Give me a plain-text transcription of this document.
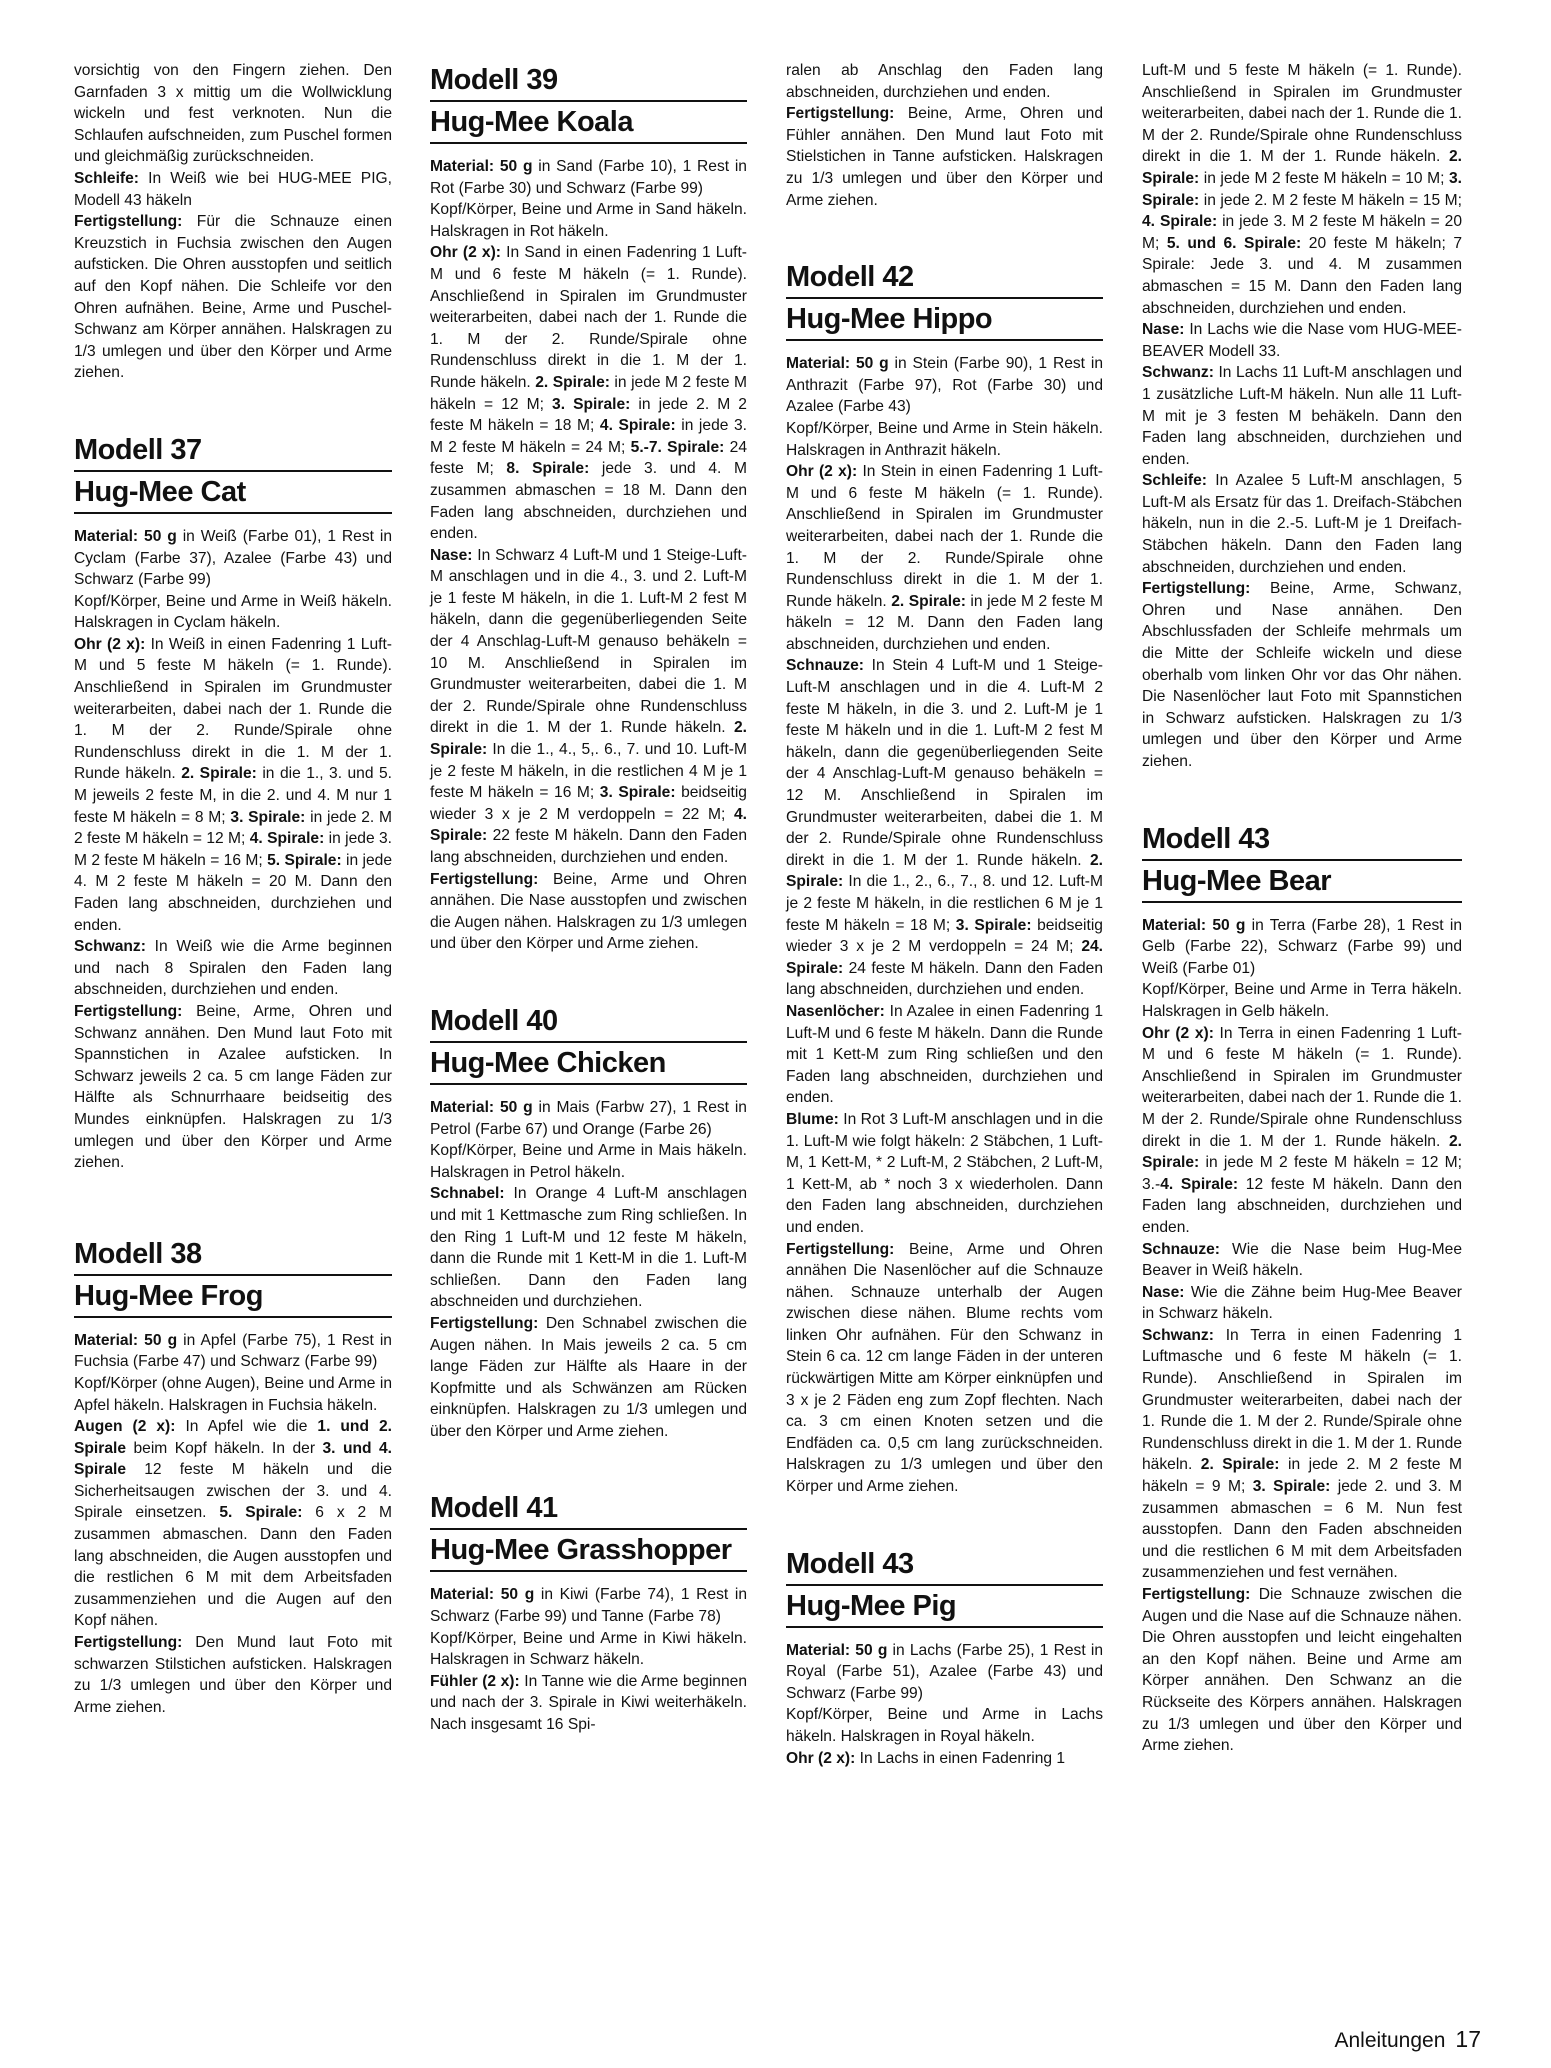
vorsichtig von den Fingern ziehen. Den Garnfaden 3 x mittig um die Wollwicklung wickeln und fest verknoten. Nun die Schlaufen aufschneiden, zum Puschel formen und gleichmäßig zurückschneiden.

Schleife: In Weiß wie bei HUG-MEE PIG, Modell 43 häkeln

Fertigstellung: Für die Schnauze einen Kreuzstich in Fuchsia zwischen den Augen aufsticken. Die Ohren ausstopfen und seitlich auf den Kopf nähen. Die Schleife vor den Ohren aufnähen. Beine, Arme und Puschel-Schwanz am Körper annähen. Halskragen zu 1/3 umlegen und über den Körper und Arme ziehen.

Modell 37
Hug-Mee Cat

Material: 50 g in Weiß (Farbe 01), 1 Rest in Cyclam (Farbe 37), Azalee (Farbe 43) und Schwarz (Farbe 99)

Kopf/Körper, Beine und Arme in Weiß häkeln. Halskragen in Cyclam häkeln.

Ohr (2 x): In Weiß in einen Fadenring 1 Luft-M und 5 feste M häkeln (= 1. Runde). Anschließend in Spiralen im Grundmuster weiterarbeiten, dabei nach der 1. Runde die 1. M der 2. Runde/Spirale ohne Rundenschluss direkt in die 1. M der 1. Runde häkeln. 2. Spirale: in die 1., 3. und 5. M jeweils 2 feste M, in die 2. und 4. M nur 1 feste M häkeln = 8 M; 3. Spirale: in jede 2. M 2 feste M häkeln = 12 M; 4. Spirale: in jede 3. M 2 feste M häkeln = 16 M; 5. Spirale: in jede 4. M 2 feste M häkeln = 20 M. Dann den Faden lang abschneiden, durchziehen und enden.

Schwanz: In Weiß wie die Arme beginnen und nach 8 Spiralen den Faden lang abschneiden, durchziehen und enden.

Fertigstellung: Beine, Arme, Ohren und Schwanz annähen. Den Mund laut Foto mit Spannstichen in Azalee aufsticken. In Schwarz jeweils 2 ca. 5 cm lange Fäden zur Hälfte als Schnurrhaare beidseitig des Mundes einknüpfen. Halskragen zu 1/3 umlegen und über den Körper und Arme ziehen.

Modell 38
Hug-Mee Frog

Material: 50 g in Apfel (Farbe 75), 1 Rest in Fuchsia (Farbe 47) und Schwarz (Farbe 99)

Kopf/Körper (ohne Augen), Beine und Arme in Apfel häkeln. Halskragen in Fuchsia häkeln.

Augen (2 x): In Apfel wie die 1. und 2. Spirale beim Kopf häkeln. In der 3. und 4. Spirale 12 feste M häkeln und die Sicherheitsaugen zwischen der 3. und 4. Spirale einsetzen. 5. Spirale: 6 x 2 M zusammen abmaschen. Dann den Faden lang abschneiden, die Augen ausstopfen und die restlichen 6 M mit dem Arbeitsfaden zusammenziehen und die Augen auf den Kopf nähen.

Fertigstellung: Den Mund laut Foto mit schwarzen Stilstichen aufsticken. Halskragen zu 1/3 umlegen und über den Körper und Arme ziehen.

Modell 39
Hug-Mee Koala

Material: 50 g in Sand (Farbe 10), 1 Rest in Rot (Farbe 30) und Schwarz (Farbe 99)

Kopf/Körper, Beine und Arme in Sand häkeln. Halskragen in Rot häkeln.

Ohr (2 x): In Sand in einen Fadenring 1 Luft-M und 6 feste M häkeln (= 1. Runde). Anschließend in Spiralen im Grundmuster weiterarbeiten, dabei nach der 1. Runde die 1. M der 2. Runde/Spirale ohne Rundenschluss direkt in die 1. M der 1. Runde häkeln. 2. Spirale: in jede M 2 feste M häkeln = 12 M; 3. Spirale: in jede 2. M 2 feste M häkeln = 18 M; 4. Spirale: in jede 3. M 2 feste M häkeln = 24 M; 5.-7. Spirale: 24 feste M; 8. Spirale: jede 3. und 4. M zusammen abmaschen = 18 M. Dann den Faden lang abschneiden, durchziehen und enden.

Nase: In Schwarz 4 Luft-M und 1 Steige-Luft-M anschlagen und in die 4., 3. und 2. Luft-M je 1 feste M häkeln, in die 1. Luft-M 2 fest M häkeln, dann die gegenüberliegenden Seite der 4 Anschlag-Luft-M genauso behäkeln = 10 M. Anschließend in Spiralen im Grundmuster weiterarbeiten, dabei die 1. M der 2. Runde/Spirale ohne Rundenschluss direkt in die 1. M der 1. Runde häkeln. 2. Spirale: In die 1., 4., 5,. 6., 7. und 10. Luft-M je 2 feste M häkeln, in die restlichen 4 M je 1 feste M häkeln = 16 M; 3. Spirale: beidseitig wieder 3 x je 2 M verdoppeln = 22 M; 4. Spirale: 22 feste M häkeln. Dann den Faden lang abschneiden, durchziehen und enden.

Fertigstellung: Beine, Arme und Ohren annähen. Die Nase ausstopfen und zwischen die Augen nähen. Halskragen zu 1/3 umlegen und über den Körper und Arme ziehen.

Modell 40
Hug-Mee Chicken

Material: 50 g in Mais (Farbw 27), 1 Rest in Petrol (Farbe 67) und Orange (Farbe 26)

Kopf/Körper, Beine und Arme in Mais häkeln. Halskragen in Petrol häkeln.

Schnabel: In Orange 4 Luft-M anschlagen und mit 1 Kettmasche zum Ring schließen. In den Ring 1 Luft-M und 12 feste M häkeln, dann die Runde mit 1 Kett-M in die 1. Luft-M schließen. Dann den Faden lang abschneiden und durchziehen.

Fertigstellung: Den Schnabel zwischen die Augen nähen. In Mais jeweils 2 ca. 5 cm lange Fäden zur Hälfte als Haare in der Kopfmitte und als Schwänzen am Rücken einknüpfen. Halskragen zu 1/3 umlegen und über den Körper und Arme ziehen.

Modell 41
Hug-Mee Grasshopper

Material: 50 g in Kiwi (Farbe 74), 1 Rest in Schwarz (Farbe 99) und Tanne (Farbe 78)

Kopf/Körper, Beine und Arme in Kiwi häkeln. Halskragen in Schwarz häkeln.

Fühler (2 x): In Tanne wie die Arme beginnen und nach der 3. Spirale in Kiwi weiterhäkeln. Nach insgesamt 16 Spi-

ralen ab Anschlag den Faden lang abschneiden, durchziehen und enden.

Fertigstellung: Beine, Arme, Ohren und Fühler annähen. Den Mund laut Foto mit Stielstichen in Tanne aufsticken. Halskragen zu 1/3 umlegen und über den Körper und Arme ziehen.

Modell 42
Hug-Mee Hippo

Material: 50 g in Stein (Farbe 90), 1 Rest in Anthrazit (Farbe 97), Rot (Farbe 30) und Azalee (Farbe 43)

Kopf/Körper, Beine und Arme in Stein häkeln. Halskragen in Anthrazit häkeln.

Ohr (2 x): In Stein in einen Fadenring 1 Luft-M und 6 feste M häkeln (= 1. Runde). Anschließend in Spiralen im Grundmuster weiterarbeiten, dabei nach der 1. Runde die 1. M der 2. Runde/Spirale ohne Rundenschluss direkt in die 1. M der 1. Runde häkeln. 2. Spirale: in jede M 2 feste M häkeln = 12 M. Dann den Faden lang abschneiden, durchziehen und enden.

Schnauze: In Stein 4 Luft-M und 1 Steige-Luft-M anschlagen und in die 4. Luft-M 2 feste M häkeln, in die 3. und 2. Luft-M je 1 feste M häkeln und in die 1. Luft-M 2 fest M häkeln, dann die gegenüberliegenden Seite der 4 Anschlag-Luft-M genauso behäkeln = 12 M. Anschließend in Spiralen im Grundmuster weiterarbeiten, dabei die 1. M der 2. Runde/Spirale ohne Rundenschluss direkt in die 1. M der 1. Runde häkeln. 2. Spirale: In die 1., 2., 6., 7., 8. und 12. Luft-M je 2 feste M häkeln, in die restlichen 6 M je 1 feste M häkeln = 18 M; 3. Spirale: beidseitig wieder 3 x je 2 M verdoppeln = 24 M; 24. Spirale: 24 feste M häkeln. Dann den Faden lang abschneiden, durchziehen und enden.

Nasenlöcher: In Azalee in einen Fadenring 1 Luft-M und 6 feste M häkeln. Dann die Runde mit 1 Kett-M zum Ring schließen und den Faden lang abschneiden, durchziehen und enden.

Blume: In Rot 3 Luft-M anschlagen und in die 1. Luft-M wie folgt häkeln: 2 Stäbchen, 1 Luft-M, 1 Kett-M, * 2 Luft-M, 2 Stäbchen, 2 Luft-M, 1 Kett-M, ab * noch 3 x wiederholen. Dann den Faden lang abschneiden, durchziehen und enden.

Fertigstellung: Beine, Arme und Ohren annähen Die Nasenlöcher auf die Schnauze nähen. Schnauze unterhalb der Augen zwischen diese nähen. Blume rechts vom linken Ohr aufnähen. Für den Schwanz in Stein 6 ca. 12 cm lange Fäden in der unteren rückwärtigen Mitte am Körper einknüpfen und 3 x je 2 Fäden eng zum Zopf flechten. Nach ca. 3 cm einen Knoten setzen und die Endfäden ca. 0,5 cm lang zurückschneiden. Halskragen zu 1/3 umlegen und über den Körper und Arme ziehen.

Modell 43
Hug-Mee Pig

Material: 50 g in Lachs (Farbe 25), 1 Rest in Royal (Farbe 51), Azalee (Farbe 43) und Schwarz (Farbe 99)

Kopf/Körper, Beine und Arme in Lachs häkeln. Halskragen in Royal häkeln.

Ohr (2 x): In Lachs in einen Fadenring 1

Luft-M und 5 feste M häkeln (= 1. Runde). Anschließend in Spiralen im Grundmuster weiterarbeiten, dabei nach der 1. Runde die 1. M der 2. Runde/Spirale ohne Rundenschluss direkt in die 1. M der 1. Runde häkeln. 2. Spirale: in jede M 2 feste M häkeln = 10 M; 3. Spirale: in jede 2. M 2 feste M häkeln = 15 M; 4. Spirale: in jede 3. M 2 feste M häkeln = 20 M; 5. und 6. Spirale: 20 feste M häkeln; 7 Spirale: Jede 3. und 4. M zusammen abmaschen = 15 M. Dann den Faden lang abschneiden, durchziehen und enden.

Nase: In Lachs wie die Nase vom HUG-MEE-BEAVER Modell 33.

Schwanz: In Lachs 11 Luft-M anschlagen und 1 zusätzliche Luft-M häkeln. Nun alle 11 Luft-M mit je 3 festen M behäkeln. Dann den Faden lang abschneiden, durchziehen und enden.

Schleife: In Azalee 5 Luft-M anschlagen, 5 Luft-M als Ersatz für das 1. Dreifach-Stäbchen häkeln, nun in die 2.-5. Luft-M je 1 Dreifach-Stäbchen häkeln. Dann den Faden lang abschneiden, durchziehen und enden.

Fertigstellung: Beine, Arme, Schwanz, Ohren und Nase annähen. Den Abschlussfaden der Schleife mehrmals um die Mitte der Schleife wickeln und diese oberhalb vom linken Ohr vor das Ohr nähen. Die Nasenlöcher laut Foto mit Spannstichen in Schwarz aufsticken. Halskragen zu 1/3 umlegen und über den Körper und Arme ziehen.

Modell 43
Hug-Mee Bear

Material: 50 g in Terra (Farbe 28), 1 Rest in Gelb (Farbe 22), Schwarz (Farbe 99) und Weiß (Farbe 01)

Kopf/Körper, Beine und Arme in Terra häkeln. Halskragen in Gelb häkeln.

Ohr (2 x): In Terra in einen Fadenring 1 Luft-M und 6 feste M häkeln (= 1. Runde). Anschließend in Spiralen im Grundmuster weiterarbeiten, dabei nach der 1. Runde die 1. M der 2. Runde/Spirale ohne Rundenschluss direkt in die 1. M der 1. Runde häkeln. 2. Spirale: in jede M 2 feste M häkeln = 12 M; 3.-4. Spirale: 12 feste M häkeln. Dann den Faden lang abschneiden, durchziehen und enden.

Schnauze: Wie die Nase beim Hug-Mee Beaver in Weiß häkeln.

Nase: Wie die Zähne beim Hug-Mee Beaver in Schwarz häkeln.

Schwanz: In Terra in einen Fadenring 1 Luftmasche und 6 feste M häkeln (= 1. Runde). Anschließend in Spiralen im Grundmuster weiterarbeiten, dabei nach der 1. Runde die 1. M der 2. Runde/Spirale ohne Rundenschluss direkt in die 1. M der 1. Runde häkeln. 2. Spirale: in jede 2. M 2 feste M häkeln = 9 M; 3. Spirale: jede 2. und 3. M zusammen abmaschen = 6 M. Nun fest ausstopfen. Dann den Faden abschneiden und die restlichen 6 M mit dem Arbeitsfaden zusammenziehen und fest vernähen.

Fertigstellung: Die Schnauze zwischen die Augen und die Nase auf die Schnauze nähen. Die Ohren ausstopfen und leicht eingehalten an den Kopf nähen. Beine und Arme am Körper annähen. Den Schwanz an die Rückseite des Körpers annähen. Halskragen zu 1/3 umlegen und über den Körper und Arme ziehen.

Anleitungen 17
